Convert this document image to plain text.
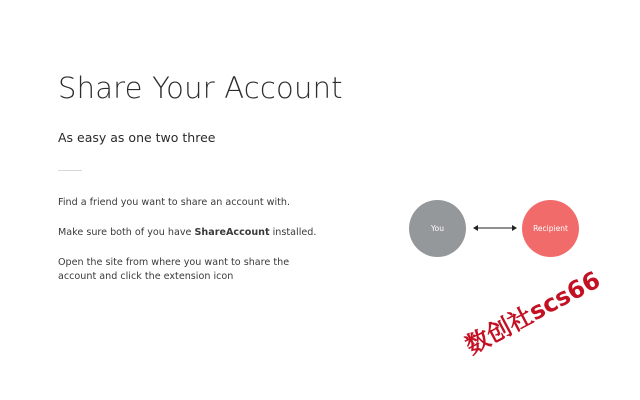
Share Your Account

As easy as one two three

Find a friend you want to share an account with.
Make sure both of you have ShareAccount installed.
Open the site from where you want to share the account and click the extension icon
You	Recipient
数创社scs66
